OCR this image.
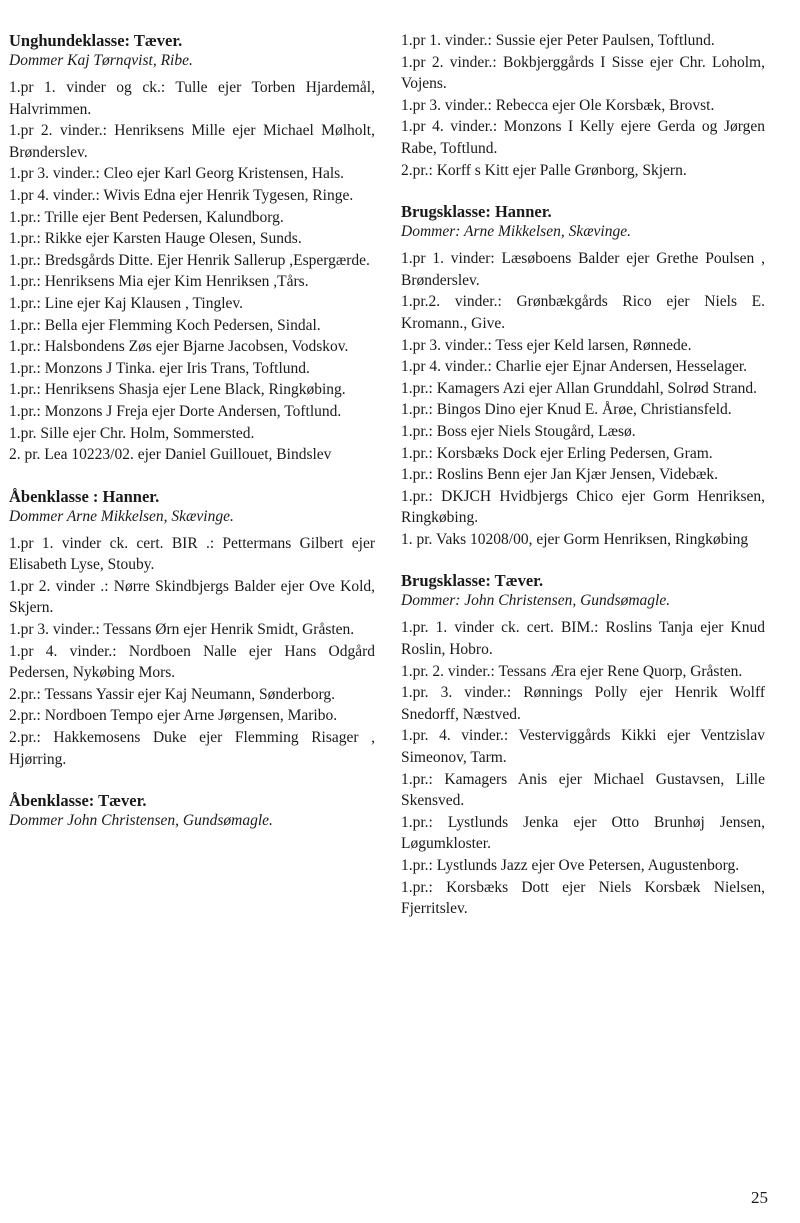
Unghundeklasse: Tæver.

Dommer Kaj Tørnqvist, Ribe.

1.pr 1. vinder og ck.: Tulle ejer Torben Hjardemål, Halvrimmen.

1.pr 2. vinder.: Henriksens Mille ejer Michael Mølholt, Brønderslev.

1.pr 3. vinder.: Cleo ejer Karl Georg Kristensen, Hals.

1.pr 4. vinder.: Wivis Edna ejer Henrik Tygesen, Ringe.

1.pr.: Trille ejer Bent Pedersen, Kalundborg.

1.pr.: Rikke ejer Karsten Hauge Olesen, Sunds.

1.pr.: Bredsgårds Ditte. Ejer Henrik Sallerup ,Espergærde.

1.pr.: Henriksens Mia ejer Kim Henriksen ,Tårs.

1.pr.: Line ejer Kaj Klausen , Tinglev.

1.pr.: Bella ejer Flemming Koch Pedersen, Sindal.

1.pr.: Halsbondens Zøs ejer Bjarne Jacobsen, Vodskov.

1.pr.: Monzons J Tinka. ejer Iris Trans, Toftlund.

1.pr.: Henriksens Shasja ejer Lene Black, Ringkøbing.

1.pr.: Monzons J Freja ejer Dorte Andersen, Toftlund.

1.pr. Sille ejer Chr. Holm, Sommersted.

2. pr. Lea 10223/02. ejer Daniel Guillouet, Bindslev

Åbenklasse : Hanner.

Dommer Arne Mikkelsen, Skævinge.

1.pr 1. vinder ck. cert. BIR .: Pettermans Gilbert ejer Elisabeth Lyse, Stouby.

1.pr 2. vinder .: Nørre Skindbjergs Balder ejer Ove Kold, Skjern.

1.pr 3. vinder.: Tessans Ørn ejer Henrik Smidt, Gråsten.

1.pr 4. vinder.: Nordboen Nalle ejer Hans Odgård Pedersen, Nykøbing Mors.

2.pr.: Tessans Yassir ejer Kaj Neumann, Sønderborg.

2.pr.: Nordboen Tempo ejer Arne Jørgensen, Maribo.

2.pr.: Hakkemosens Duke ejer Flemming Risager , Hjørring.

Åbenklasse: Tæver.

Dommer John Christensen, Gundsømagle.

1.pr 1. vinder.: Sussie ejer Peter Paulsen, Toftlund.

1.pr 2. vinder.: Bokbjerggårds I Sisse ejer Chr. Loholm, Vojens.

1.pr 3. vinder.: Rebecca ejer Ole Korsbæk, Brovst.

1.pr 4. vinder.: Monzons I Kelly ejere Gerda og Jørgen Rabe, Toftlund.

2.pr.: Korff s Kitt ejer Palle Grønborg, Skjern.

Brugsklasse: Hanner.

Dommer: Arne Mikkelsen, Skævinge.

1.pr 1. vinder: Læsøboens Balder ejer Grethe Poulsen , Brønderslev.

1.pr.2. vinder.: Grønbækgårds Rico ejer Niels E. Kromann., Give.

1.pr 3. vinder.: Tess ejer Keld larsen, Rønnede.

1.pr 4. vinder.: Charlie ejer Ejnar Andersen, Hesselager.

1.pr.: Kamagers Azi ejer Allan Grunddahl, Solrød Strand.

1.pr.: Bingos Dino ejer Knud E. Årøe, Christiansfeld.

1.pr.: Boss ejer Niels Stougård, Læsø.

1.pr.: Korsbæks Dock ejer Erling Pedersen, Gram.

1.pr.: Roslins Benn ejer Jan Kjær Jensen, Videbæk.

1.pr.: DKJCH Hvidbjergs Chico ejer Gorm Henriksen, Ringkøbing.

1. pr. Vaks 10208/00, ejer Gorm Henriksen, Ringkøbing

Brugsklasse: Tæver.

Dommer: John Christensen, Gundsømagle.

1.pr. 1. vinder ck. cert. BIM.: Roslins Tanja ejer Knud Roslin, Hobro.

1.pr. 2. vinder.: Tessans Æra ejer Rene Quorp, Gråsten.

1.pr. 3. vinder.: Rønnings Polly ejer Henrik Wolff Snedorff, Næstved.

1.pr. 4. vinder.: Vesterviggårds Kikki ejer Ventzislav Simeonov, Tarm.

1.pr.: Kamagers Anis ejer Michael Gustavsen, Lille Skensved.

1.pr.: Lystlunds Jenka ejer Otto Brunhøj Jensen, Løgumkloster.

1.pr.: Lystlunds Jazz ejer Ove Petersen, Augustenborg.

1.pr.: Korsbæks Dott ejer Niels Korsbæk Nielsen, Fjerritslev.

25
